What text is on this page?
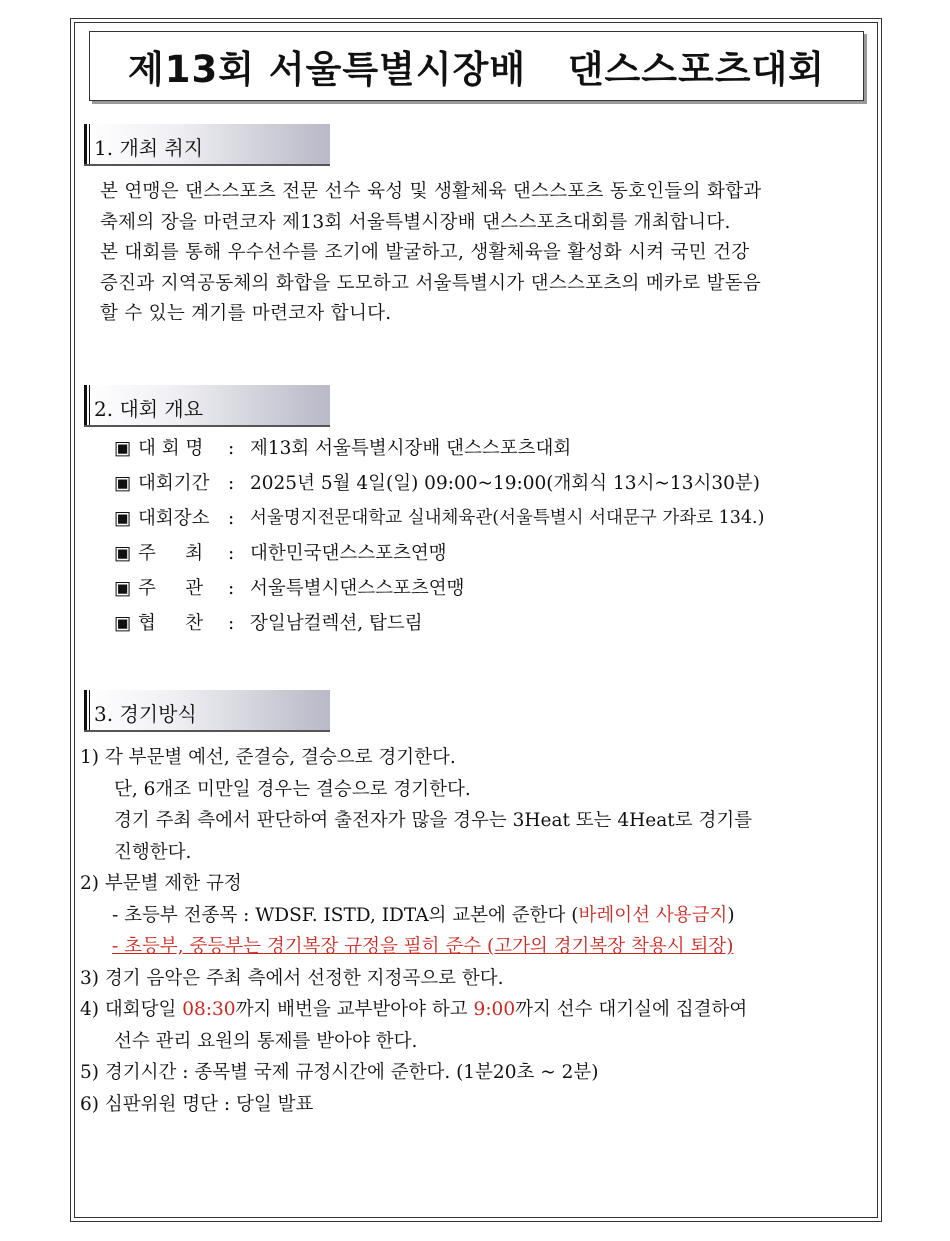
제13회 서울특별시장배   댄스스포츠대회
1. 개최 취지

본 연맹은 댄스스포츠 전문 선수 육성 및 생활체육 댄스스포츠 동호인들의 화합과

축제의 장을 마련코자 제13회 서울특별시장배 댄스스포츠대회를 개최합니다.

본 대회를 통해 우수선수를 조기에 발굴하고, 생활체육을 활성화 시켜 국민 건강

증진과 지역공동체의 화합을 도모하고 서울특별시가 댄스스포츠의 메카로 발돋음

할 수 있는 계기를 마련코자 합니다.

2. 대회 개요
▣ 대 회 명	: 제13회 서울특별시장배 댄스스포츠대회
▣ 대회기간	: 2025년 5월 4일(일) 09:00~19:00(개회식 13시~13시30분)
▣ 대회장소	: 서울명지전문대학교 실내체육관(서울특별시 서대문구 가좌로 134.)
▣ 주     최	: 대한민국댄스스포츠연맹
▣ 주     관	: 서울특별시댄스스포츠연맹
▣ 협     찬	: 장일남컬렉션, 탑드림
3. 경기방식

1) 각 부문별 예선, 준결승, 결승으로 경기한다.

단, 6개조 미만일 경우는 결승으로 경기한다.

경기 주최 측에서 판단하여 출전자가 많을 경우는 3Heat 또는 4Heat로 경기를

진행한다.

2) 부문별 제한 규정

- 초등부 전종목 : WDSF. ISTD, IDTA의 교본에 준한다 (바레이션 사용금지)

- 초등부, 중등부는 경기복장 규정을 필히 준수 (고가의 경기복장 착용시 퇴장)

3) 경기 음악은 주최 측에서 선정한 지정곡으로 한다.

4) 대회당일 08:30까지 배번을 교부받아야 하고 9:00까지 선수 대기실에 집결하여

선수 관리 요원의 통제를 받아야 한다.

5) 경기시간 : 종목별 국제 규정시간에 준한다. (1분20초 ~ 2분)

6) 심판위원 명단 : 당일 발표
